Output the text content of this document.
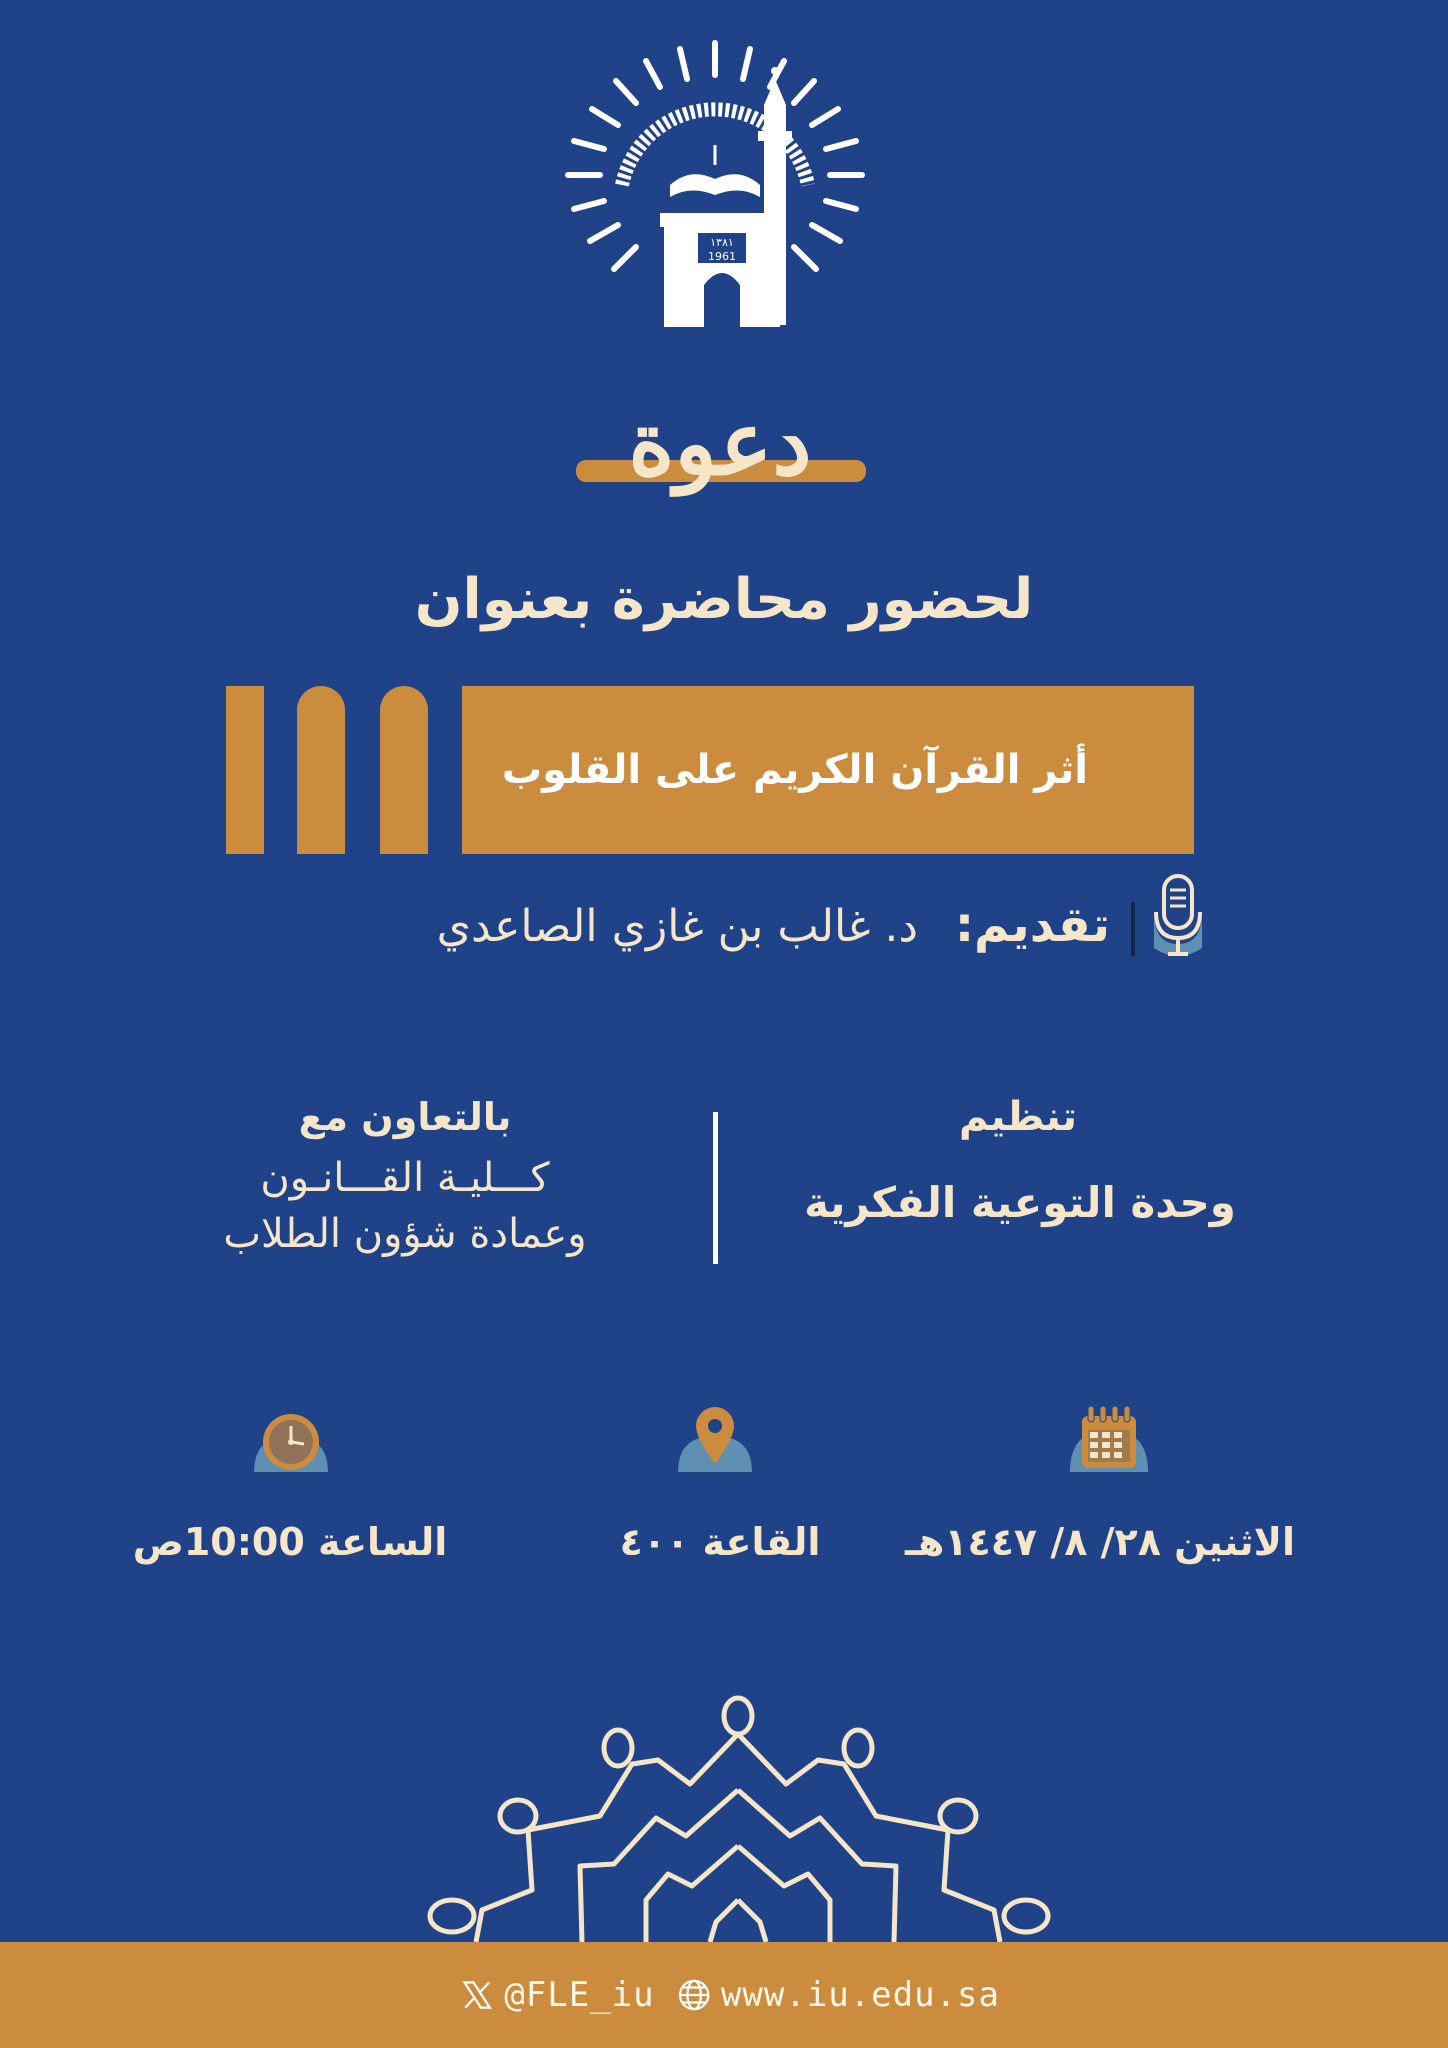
١٣٨١
1961
دعوة
لحضور محاضرة بعنوان
أثر القرآن الكريم على القلوب
تقديم:
د. غالب بن غازي الصاعدي
تنظيم
وحدة التوعية الفكرية
بالتعاون مع
كـــليـة القـــانـون
وعمادة شؤون الطلاب
الاثنين ٢٨/ ٨/ ١٤٤٧هـ
القاعة ٤٠٠
الساعة 10:00ص
@FLE_iu www.iu.edu.sa
